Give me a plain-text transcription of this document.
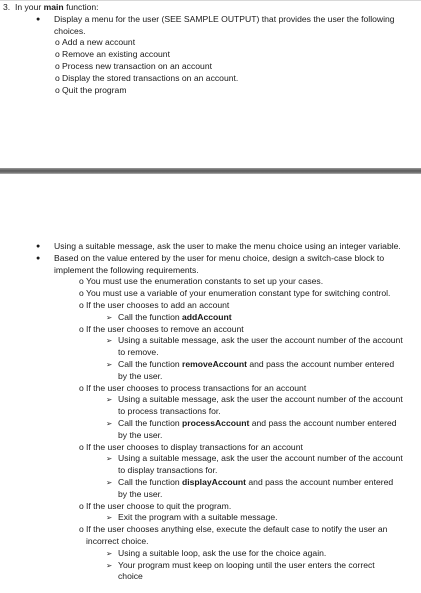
3. In your main function:
● Display a menu for the user (SEE SAMPLE OUTPUT) that provides the user the following
choices.
o Add a new account
o Remove an existing account
o Process new transaction on an account
o Display the stored transactions on an account.
o Quit the program
● Using a suitable message, ask the user to make the menu choice using an integer variable.
● Based on the value entered by the user for menu choice, design a switch-case block to
implement the following requirements.
o You must use the enumeration constants to set up your cases.
o You must use a variable of your enumeration constant type for switching control.
o If the user chooses to add an account
➢ Call the function addAccount
o If the user chooses to remove an account
➢ Using a suitable message, ask the user the account number of the account
to remove.
➢ Call the function removeAccount and pass the account number entered
by the user.
o If the user chooses to process transactions for an account
➢ Using a suitable message, ask the user the account number of the account
to process transactions for.
➢ Call the function processAccount and pass the account number entered
by the user.
o If the user chooses to display transactions for an account
➢ Using a suitable message, ask the user the account number of the account
to display transactions for.
➢ Call the function displayAccount and pass the account number entered
by the user.
o If the user choose to quit the program.
➢ Exit the program with a suitable message.
o If the user chooses anything else, execute the default case to notify the user an
incorrect choice.
➢ Using a suitable loop, ask the use for the choice again.
➢ Your program must keep on looping until the user enters the correct
choice
